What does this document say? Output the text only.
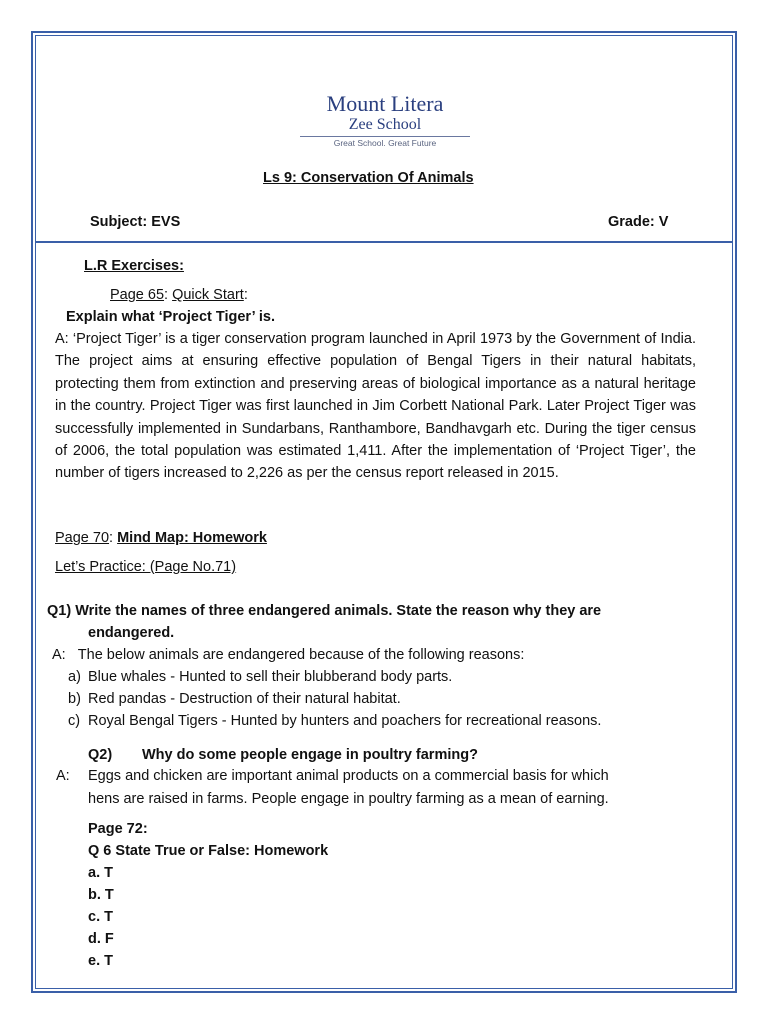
Mount Litera
Zee School
Great School. Great Future
Ls 9: Conservation Of Animals
Subject: EVS	Grade: V
L.R Exercises:
Page 65: Quick Start:
Explain what ‘Project Tiger’ is.
A: ‘Project Tiger’ is a tiger conservation program launched in April 1973 by the Government of India. The project aims at ensuring effective population of Bengal Tigers in their natural habitats, protecting them from extinction and preserving areas of biological importance as a natural heritage in the country. Project Tiger was first launched in Jim Corbett National Park. Later Project Tiger was successfully implemented in Sundarbans, Ranthambore, Bandhavgarh etc. During the tiger census of 2006, the total population was estimated 1,411. After the implementation of ‘Project Tiger’, the number of tigers increased to 2,226 as per the census report released in 2015.
Page 70: Mind Map: Homework
Let’s Practice: (Page No.71)
Q1) Write the names of three endangered animals. State the reason why they are
endangered.
A: The below animals are endangered because of the following reasons:
a) Blue whales - Hunted to sell their blubberand body parts.
b) Red pandas - Destruction of their natural habitat.
c) Royal Bengal Tigers - Hunted by hunters and poachers for recreational reasons.
Q2) Why do some people engage in poultry farming?
A: Eggs and chicken are important animal products on a commercial basis for which
hens are raised in farms. People engage in poultry farming as a mean of earning.
Page 72:
Q 6 State True or False: Homework
a. T
b. T
c. T
d. F
e. T
